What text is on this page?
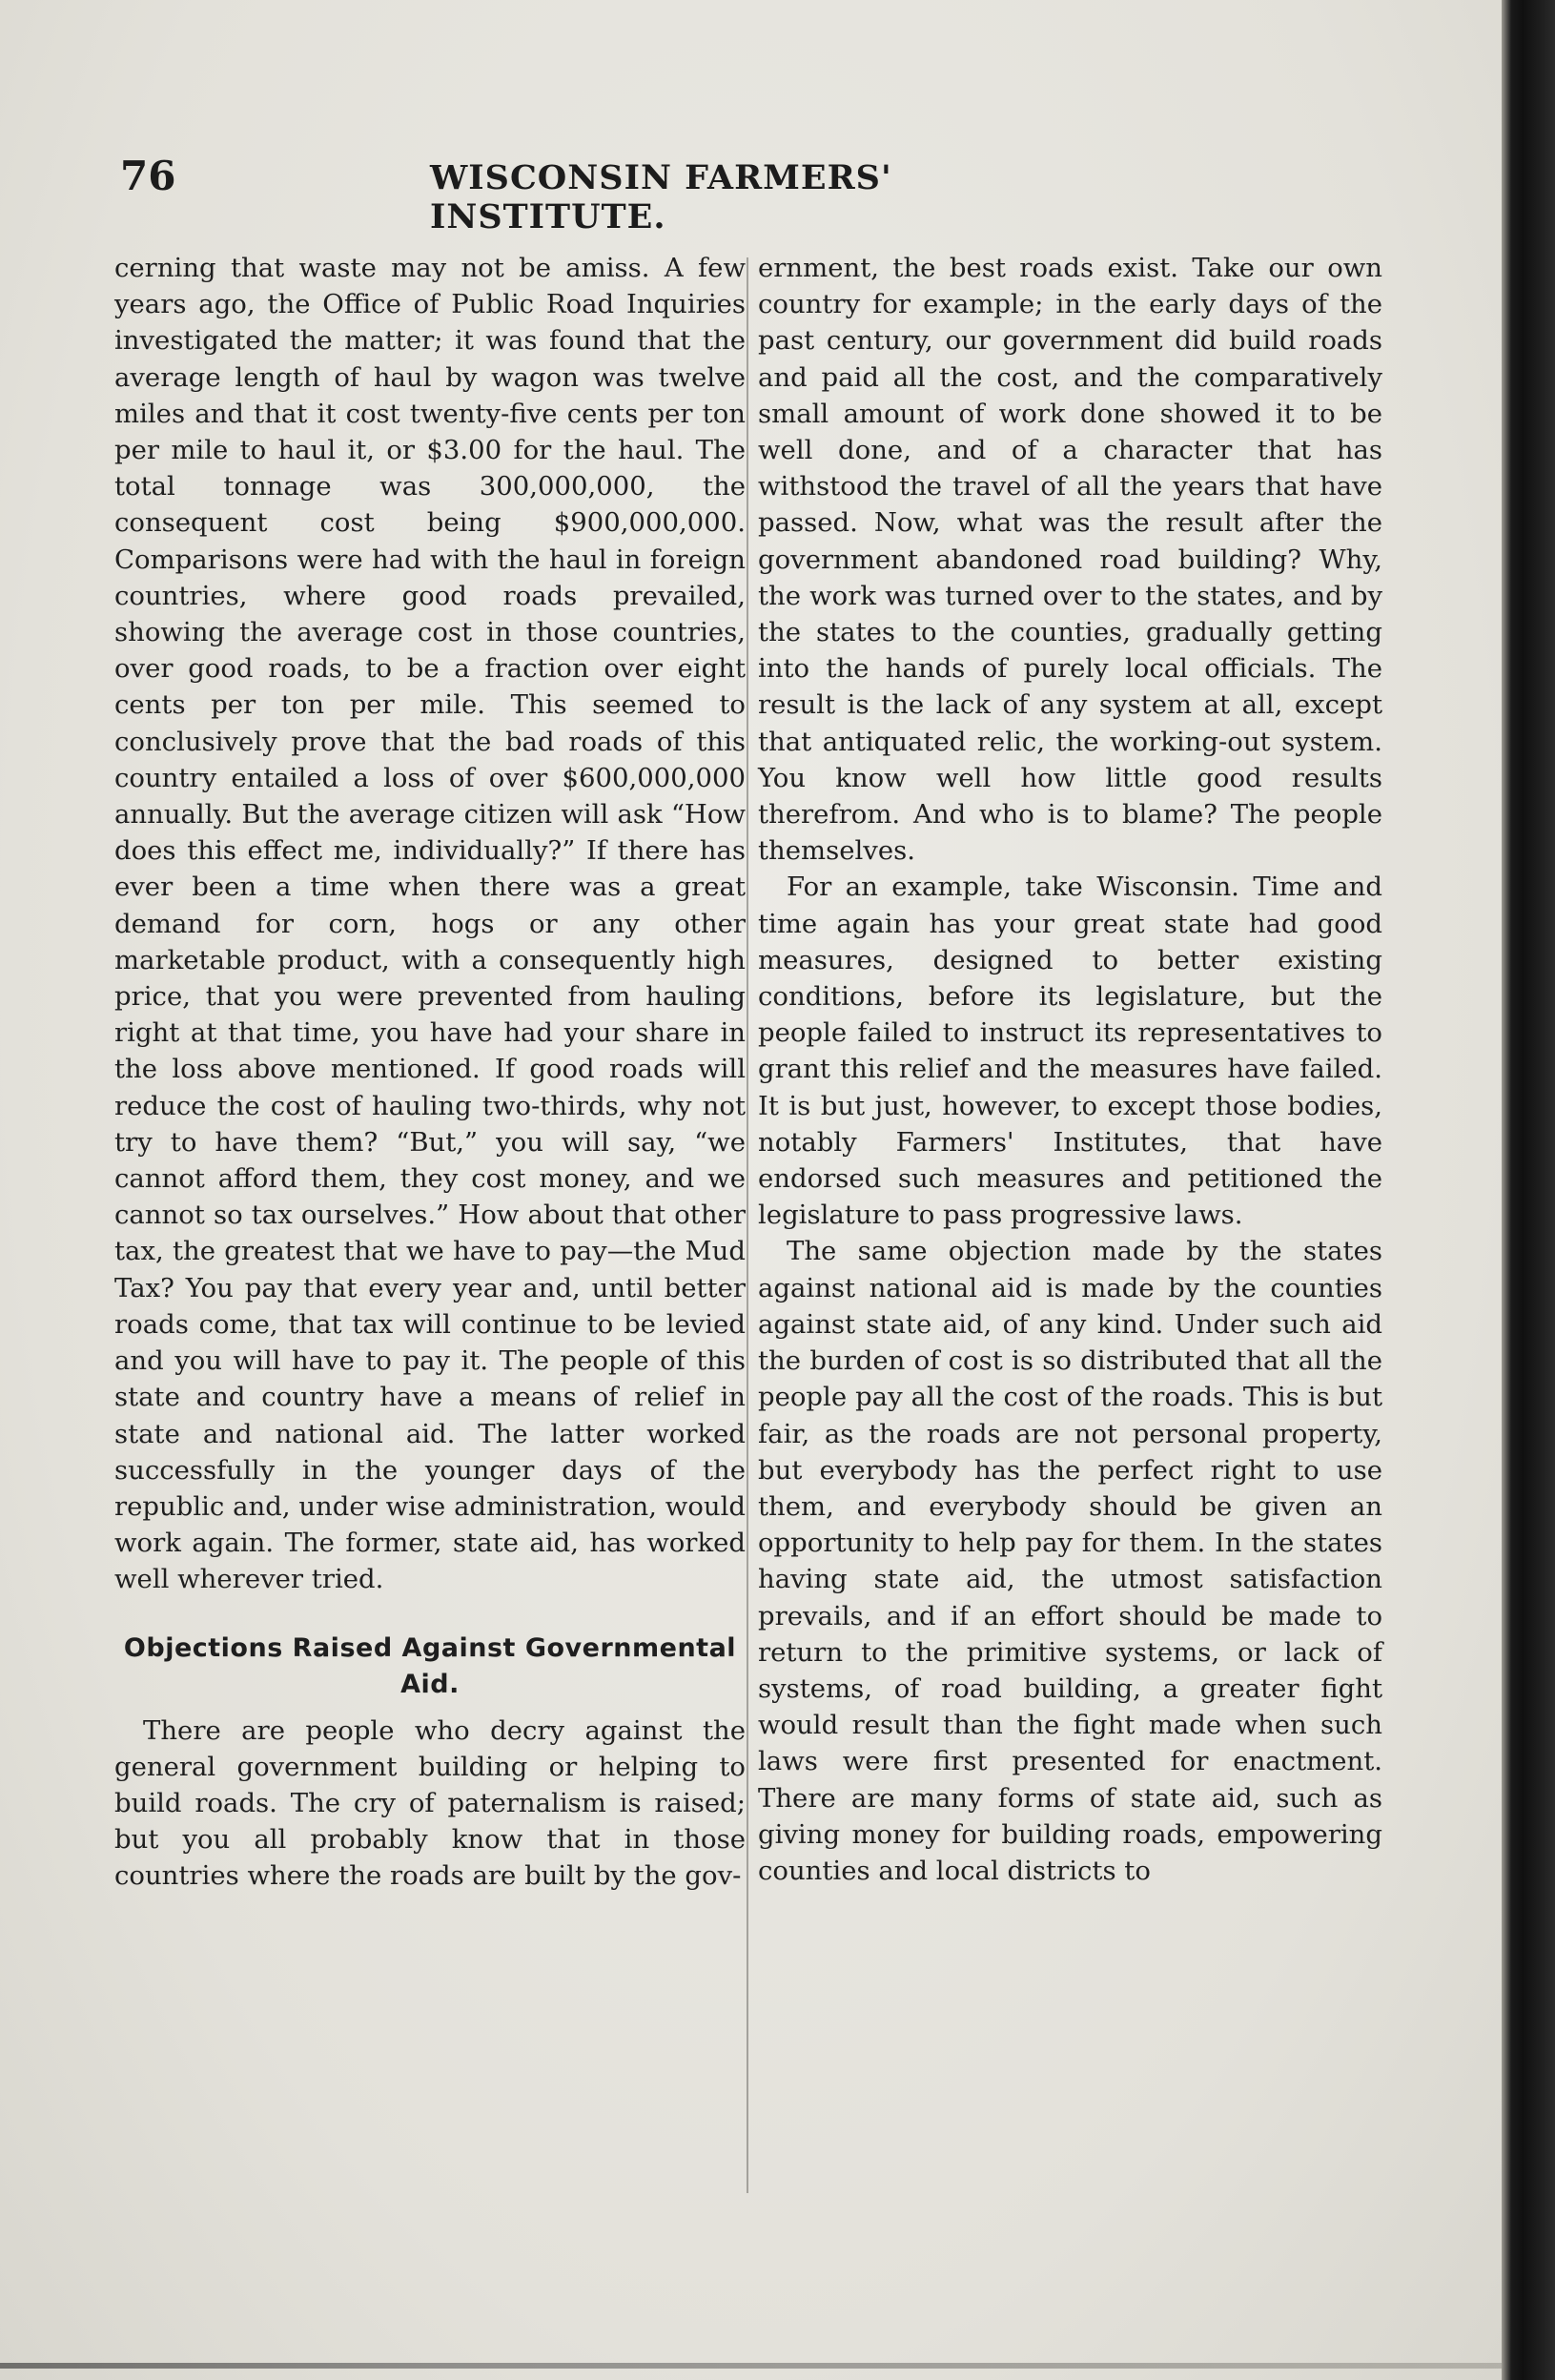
76	WISCONSIN FARMERS' INSTITUTE.

cerning that waste may not be amiss. A few years ago, the Office of Public Road Inquiries investigated the matter; it was found that the average length of haul by wagon was twelve miles and that it cost twenty-five cents per ton per mile to haul it, or $3.00 for the haul. The total tonnage was 300,000,000, the consequent cost being $900,000,000. Comparisons were had with the haul in foreign countries, where good roads prevailed, showing the average cost in those countries, over good roads, to be a fraction over eight cents per ton per mile. This seemed to conclusively prove that the bad roads of this country entailed a loss of over $600,000,000 annually. But the average citizen will ask “How does this effect me, individually?” If there has ever been a time when there was a great demand for corn, hogs or any other marketable product, with a consequently high price, that you were prevented from hauling right at that time, you have had your share in the loss above mentioned. If good roads will reduce the cost of hauling two-thirds, why not try to have them? “But,” you will say, “we cannot afford them, they cost money, and we cannot so tax ourselves.” How about that other tax, the greatest that we have to pay—the Mud Tax? You pay that every year and, until better roads come, that tax will continue to be levied and you will have to pay it. The people of this state and country have a means of relief in state and national aid. The latter worked successfully in the younger days of the republic and, under wise administration, would work again. The former, state aid, has worked well wherever tried.

Objections Raised Against Governmental Aid.

There are people who decry against the general government building or helping to build roads. The cry of paternalism is raised; but you all probably know that in those countries where the roads are built by the gov-

ernment, the best roads exist. Take our own country for example; in the early days of the past century, our government did build roads and paid all the cost, and the comparatively small amount of work done showed it to be well done, and of a character that has withstood the travel of all the years that have passed. Now, what was the result after the government abandoned road building? Why, the work was turned over to the states, and by the states to the counties, gradually getting into the hands of purely local officials. The result is the lack of any system at all, except that antiquated relic, the working-out system. You know well how little good results therefrom. And who is to blame? The people themselves.

For an example, take Wisconsin. Time and time again has your great state had good measures, designed to better existing conditions, before its legislature, but the people failed to instruct its representatives to grant this relief and the measures have failed. It is but just, however, to except those bodies, notably Farmers' Institutes, that have endorsed such measures and petitioned the legislature to pass progressive laws.

The same objection made by the states against national aid is made by the counties against state aid, of any kind. Under such aid the burden of cost is so distributed that all the people pay all the cost of the roads. This is but fair, as the roads are not personal property, but everybody has the perfect right to use them, and everybody should be given an opportunity to help pay for them. In the states having state aid, the utmost satisfaction prevails, and if an effort should be made to return to the primitive systems, or lack of systems, of road building, a greater fight would result than the fight made when such laws were first presented for enactment. There are many forms of state aid, such as giving money for building roads, empowering counties and local districts to
